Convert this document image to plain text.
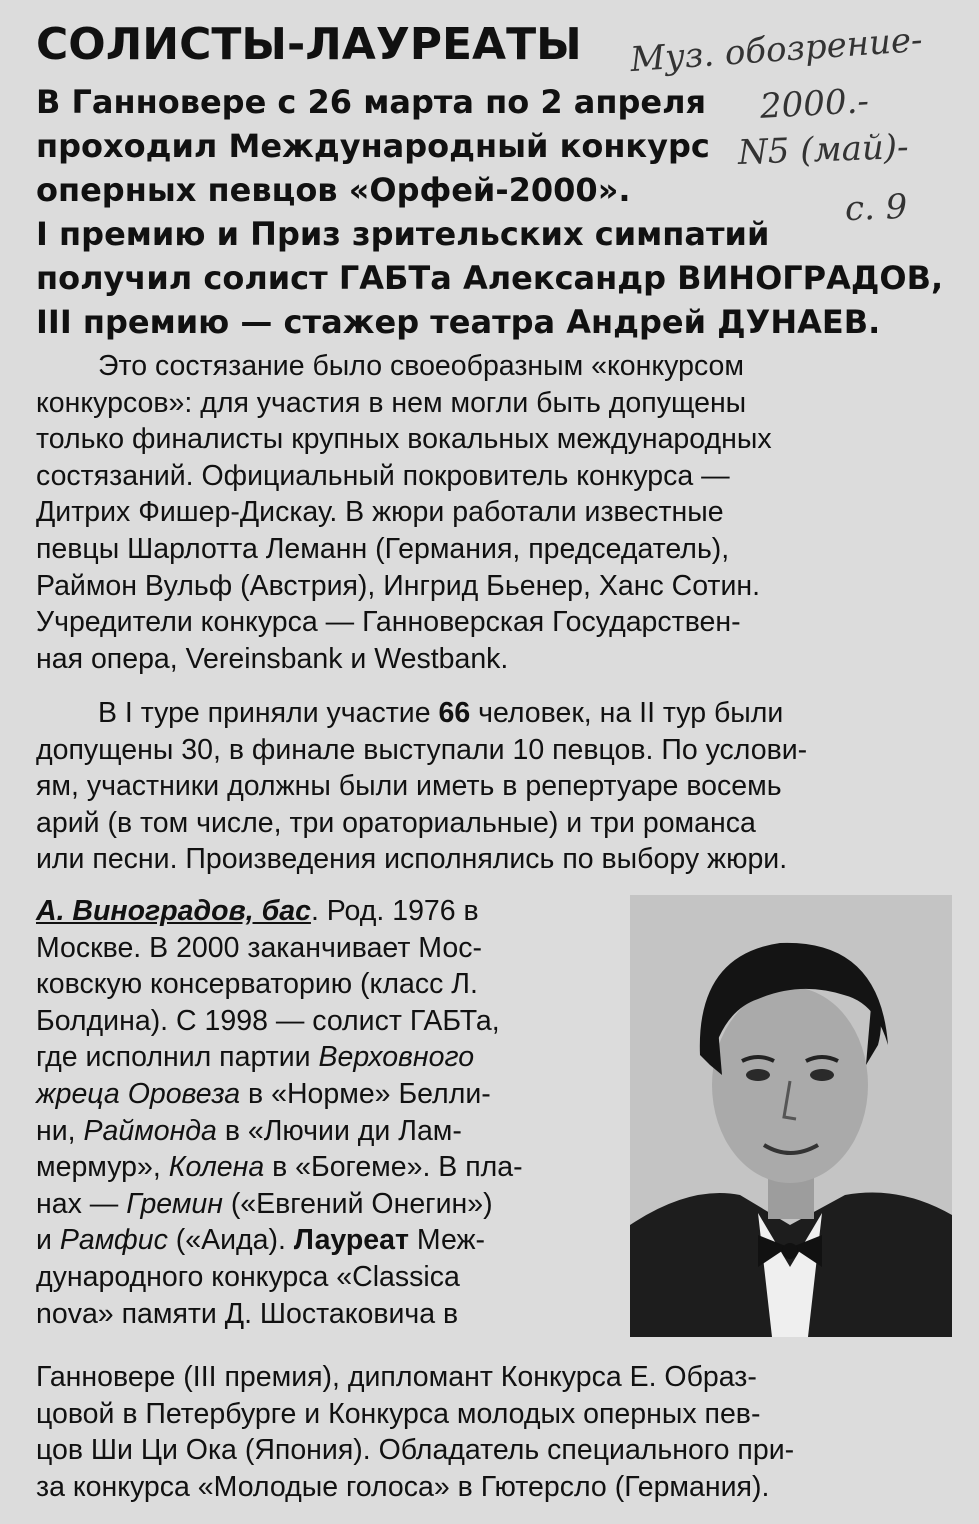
СОЛИСТЫ-ЛАУРЕАТЫ Муз. обозрение-
2000.-
N5 (май)-
с. 9
В Ганновере с 26 марта по 2 апреля
проходил Международный конкурс
оперных певцов «Орфей-2000».
I премию и Приз зрительских симпатий
получил солист ГАБТа Александр ВИНОГРАДОВ,
III премию — стажер театра Андрей ДУНАЕВ.
Это состязание было своеобразным «конкурсом
конкурсов»: для участия в нем могли быть допущены
только финалисты крупных вокальных международных
состязаний. Официальный покровитель конкурса —
Дитрих Фишер-Дискау. В жюри работали известные
певцы Шарлотта Леманн (Германия, председатель),
Раймон Вульф (Австрия), Ингрид Бьенер, Ханс Сотин.
Учредители конкурса — Ганноверская Государствен-
ная опера, Vereinsbank и Westbank.
В I туре приняли участие 66 человек, на II тур были
допущены 30, в финале выступали 10 певцов. По услови-
ям, участники должны были иметь в репертуаре восемь
арий (в том числе, три ораториальные) и три романса
или песни. Произведения исполнялись по выбору жюри.
А. Виноградов, бас. Род. 1976 в
Москве. В 2000 заканчивает Мос-
ковскую консерваторию (класс Л.
Болдина). С 1998 — солист ГАБТа,
где исполнил партии Верховного
жреца Оровеза в «Норме» Белли-
ни, Раймонда в «Лючии ди Лам-
мермур», Колена в «Богеме». В пла-
нах — Гремин («Евгений Онегин»)
и Рамфис («Аида). Лауреат Меж-
дународного конкурса «Classica
nova» памяти Д. Шостаковича в
Ганновере (III премия), дипломант Конкурса Е. Образ-
цовой в Петербурге и Конкурса молодых оперных пев-
цов Ши Ци Ока (Япония). Обладатель специального при-
за конкурса «Молодые голоса» в Гютерсло (Германия).
